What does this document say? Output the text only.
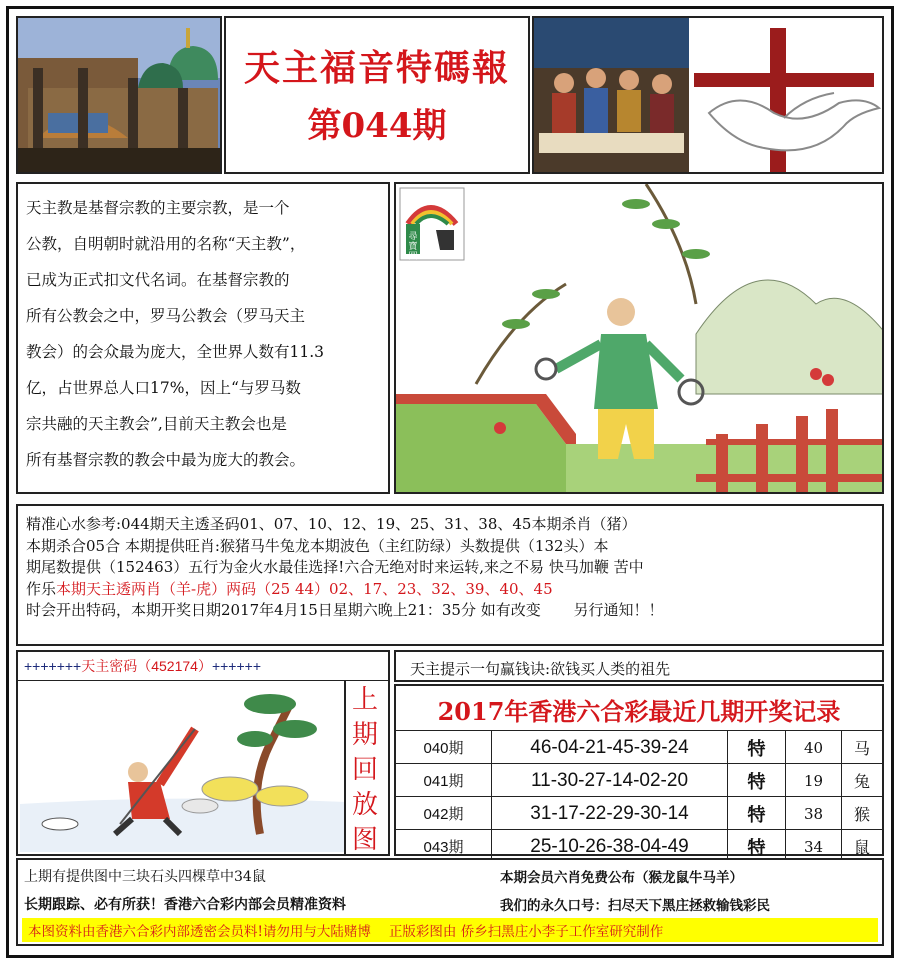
天主福音特碼報
第044期
天主教是基督宗教的主要宗教，是一个
公教，自明朝时就沿用的名称“天主教”，
已成为正式扣文代名词。在基督宗教的
所有公教会之中，罗马公教会（罗马天主
教会）的会众最为庞大，全世界人数有11.3
亿，占世界总人口17%，因上“与罗马数
宗共融的天主教会”,目前天主教会也是
所有基督宗教的教会中最为庞大的教会。
尋寶圖
精准心水参考:044期天主透圣码01、07、10、12、19、25、31、38、45本期杀肖（猪）
本期杀合05合 本期提供旺肖:猴猪马牛兔龙本期波色（主红防绿）头数提供（132头）本
期尾数提供（152463）五行为金火水最佳选择!六合无绝对时来运转,来之不易 快马加鞭 苦中
作乐本期天主透两肖（羊-虎）两码（25 44）02、17、23、32、39、40、45
时会开出特码，本期开奖日期2017年4月15日星期六晚上21：35分 如有改变 另行通知！！
+++++++天主密码（452174）++++++
上
期
回
放
图
天主提示一句赢钱诀:欲钱买人类的祖先
2017年香港六合彩最近几期开奖记录
040期	46-04-21-45-39-24	特	40	马
041期	11-30-27-14-02-20	特	19	兔
042期	31-17-22-29-30-14	特	38	猴
043期	25-10-26-38-04-49	特	34	鼠
上期有提供图中三块石头四棵草中34鼠	本期会员六肖免费公布（猴龙鼠牛马羊）
长期跟踪、必有所获！香港六合彩内部会员精准资料	我们的永久口号：扫尽天下黑庄拯救输钱彩民
本图资料由香港六合彩内部透密会员料!请勿用与大陆赌博 正版彩图由 侨乡扫黑庄小李子工作室研究制作
